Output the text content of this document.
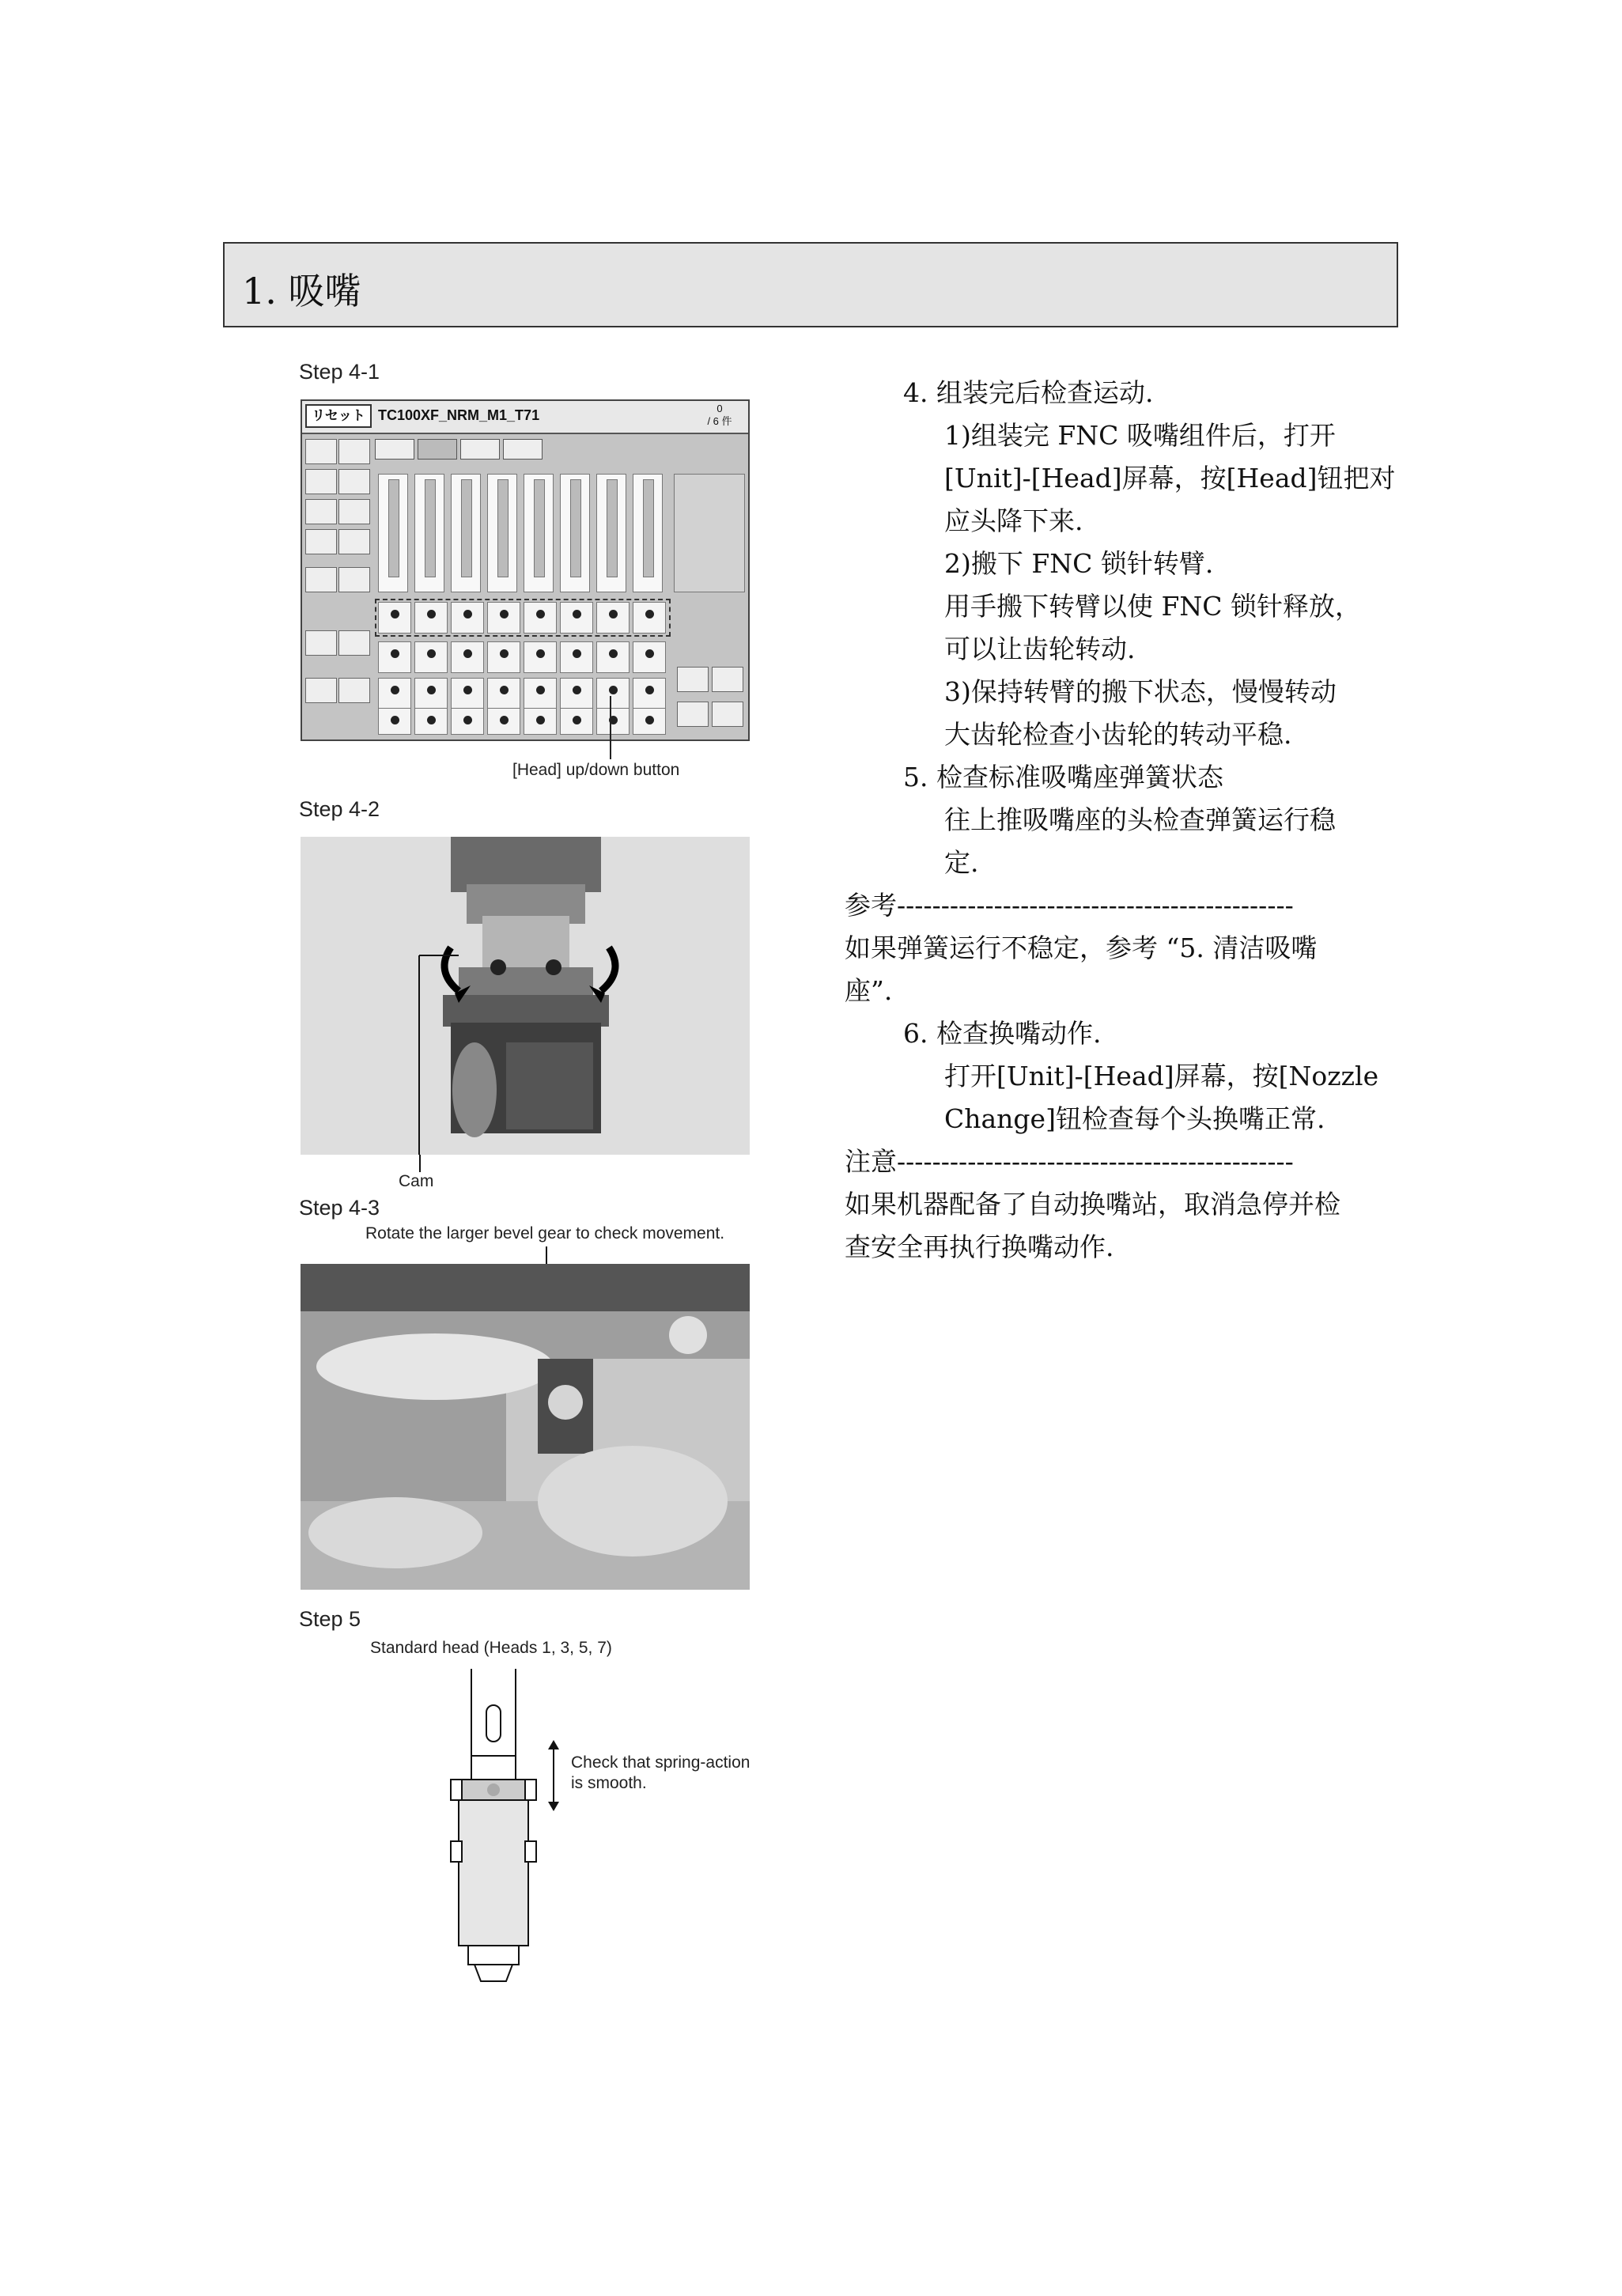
1. 吸嘴
Step 4-1
リセット TC100XF_NRM_M1_T71	0
/ 6 件
[Head] up/down button
Step 4-2
Cam
Step 4-3
Rotate the larger bevel gear to check movement.
Step 5
Standard head (Heads 1, 3, 5, 7)
Check that spring-action
is smooth.
4. 组装完后检查运动.
1)组装完 FNC 吸嘴组件后，打开
[Unit]-[Head]屏幕，按[Head]钮把对
应头降下来.
2)搬下 FNC 锁针转臂.
用手搬下转臂以使 FNC 锁针释放，
可以让齿轮转动.
3)保持转臂的搬下状态，慢慢转动
大齿轮检查小齿轮的转动平稳.
5. 检查标准吸嘴座弹簧状态
往上推吸嘴座的头检查弹簧运行稳
定.
参考---------------------------------------------
如果弹簧运行不稳定，参考 “5. 清洁吸嘴
座”.
6. 检查换嘴动作.
打开[Unit]-[Head]屏幕，按[Nozzle
Change]钮检查每个头换嘴正常.
注意---------------------------------------------
如果机器配备了自动换嘴站，取消急停并检
查安全再执行换嘴动作.
